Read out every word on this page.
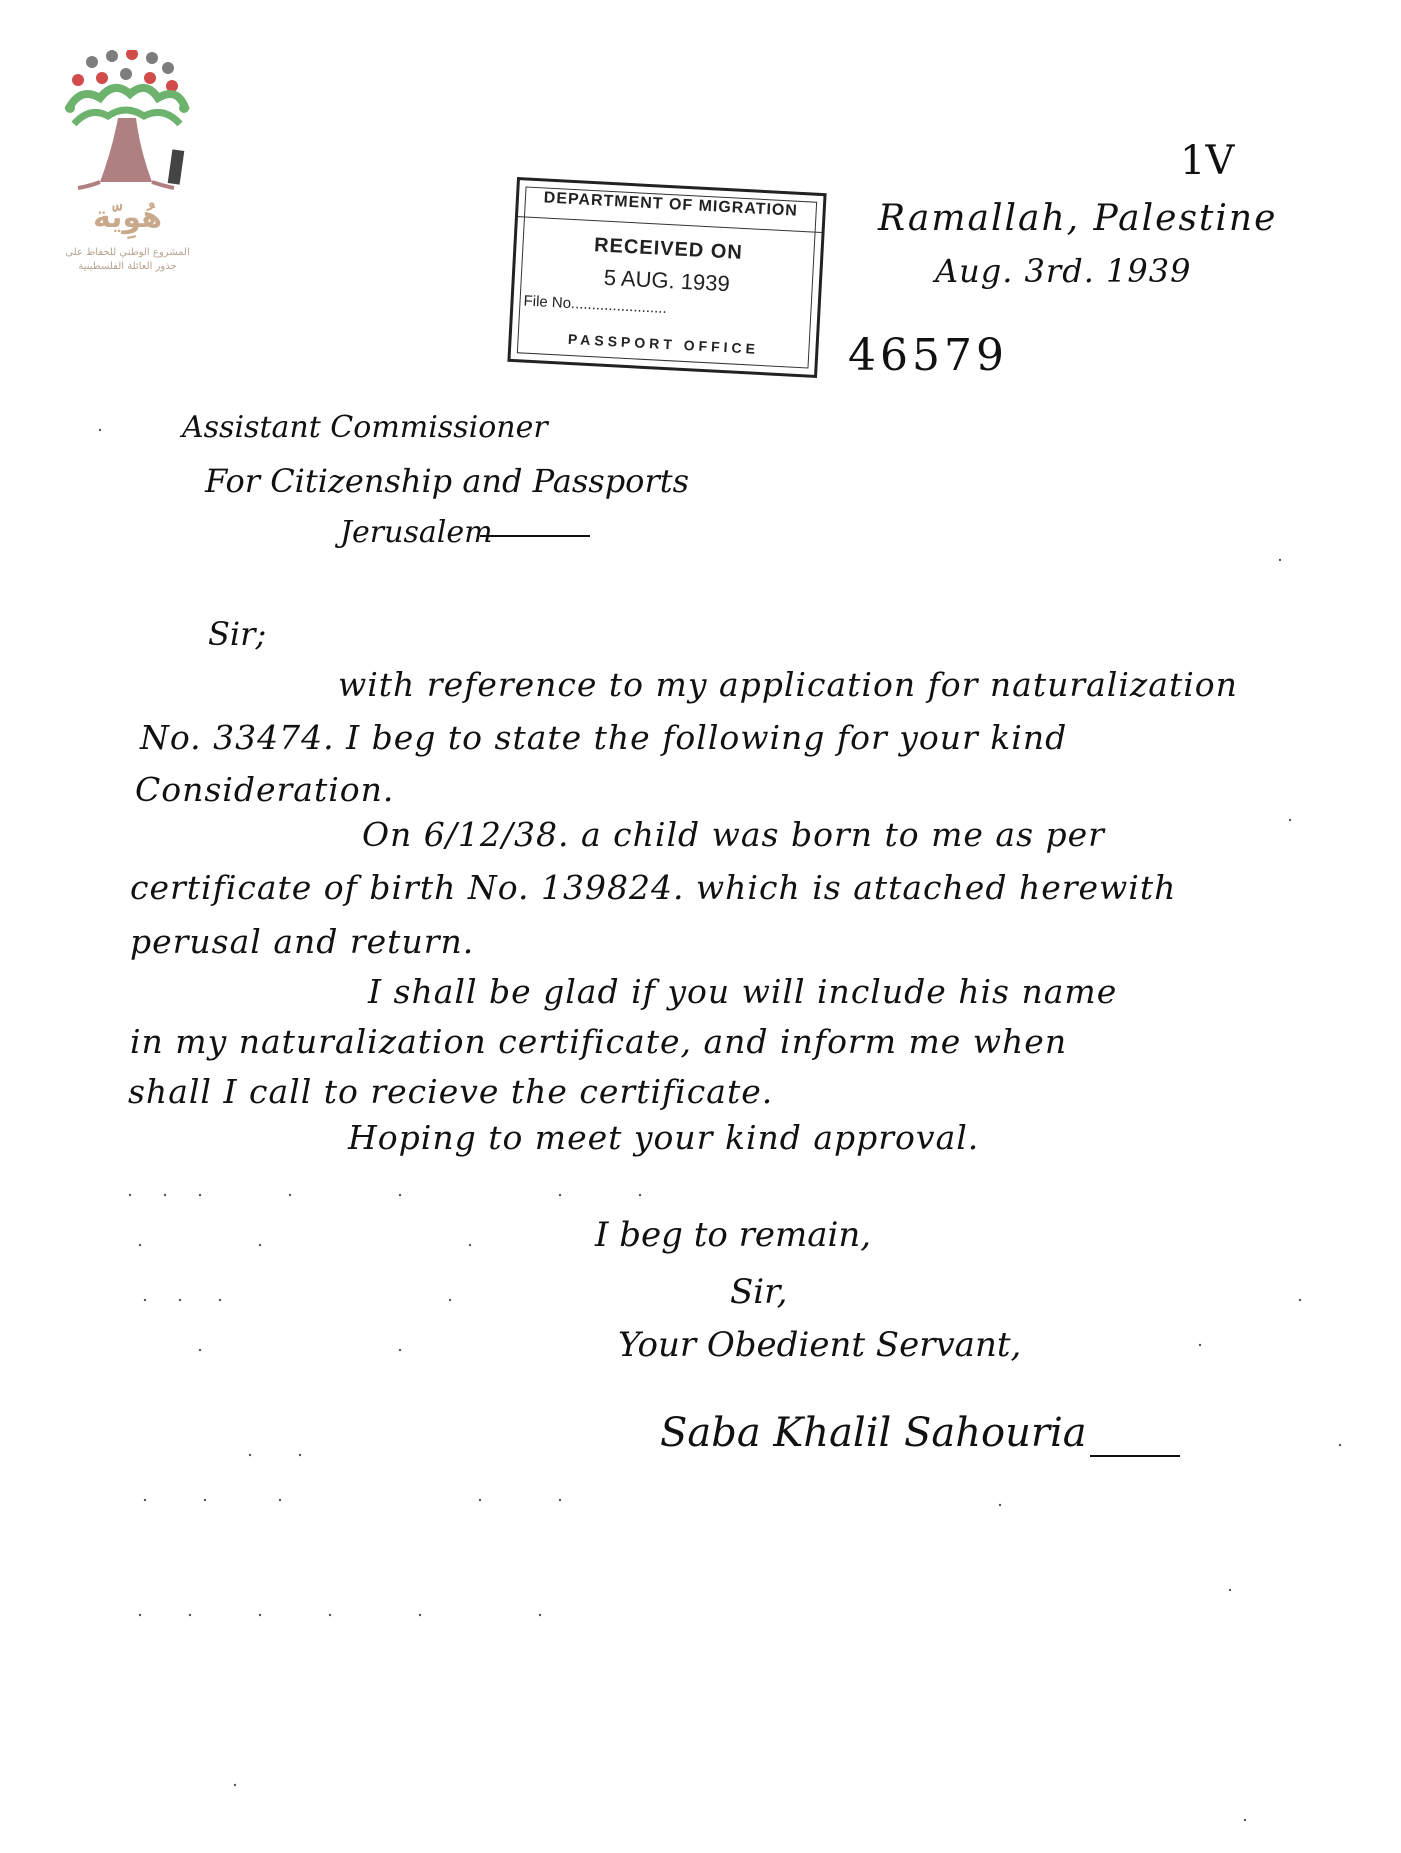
هُوِيّة
المشروع الوطني للحفاظ على
جذور العائلة الفلسطينية
DEPARTMENT OF MIGRATION
RECEIVED ON
5 AUG. 1939
File No.......................
PASSPORT OFFICE
1V
Ramallah, Palestine
Aug. 3rd. 1939
46579
Assistant Commissioner
For Citizenship and Passports
Jerusalem
Sir;
with reference to my application for naturalization
No. 33474. I beg to state the following for your kind
Consideration.
On 6/12/38. a child was born to me as per
certificate of birth No. 139824. which is attached herewith
perusal and return.
I shall be glad if you will include his name
in my naturalization certificate, and inform me when
shall I call to recieve the certificate.
Hoping to meet your kind approval.
I beg to remain,
Sir,
Your Obedient Servant,
Saba Khalil Sahouria
